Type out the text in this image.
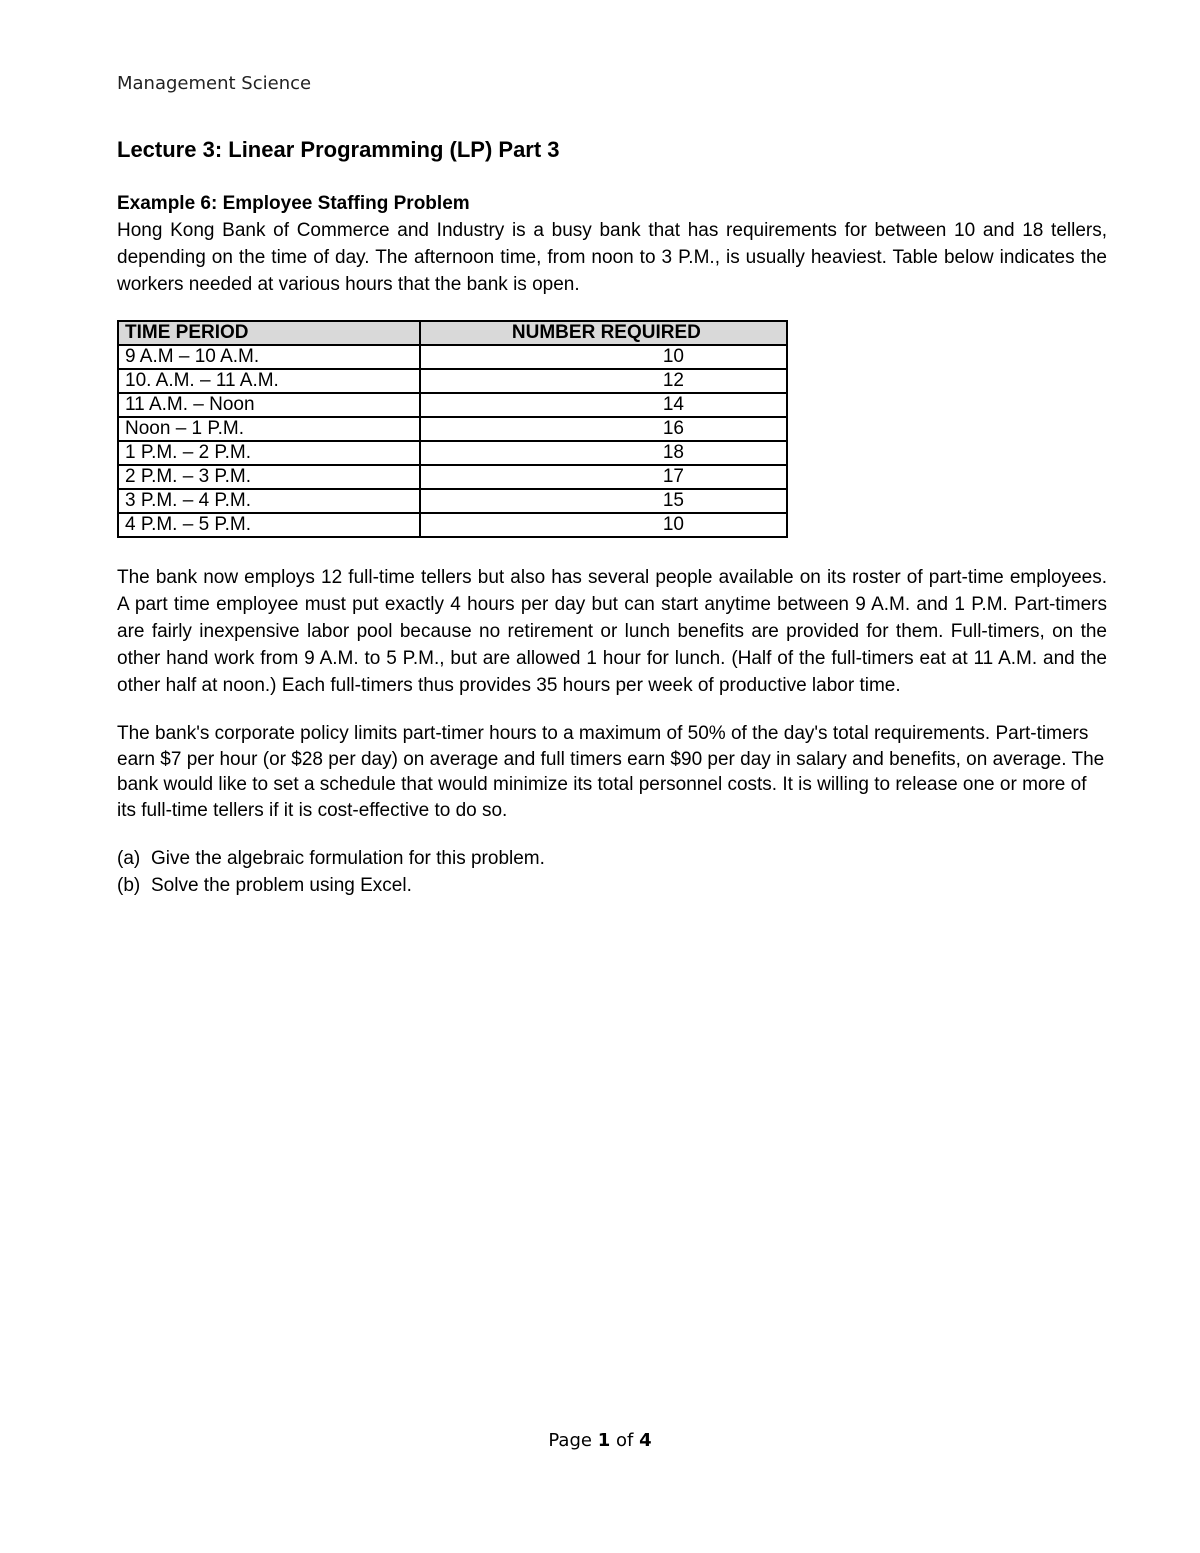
Management Science
Lecture 3: Linear Programming (LP) Part 3
Example 6: Employee Staffing Problem

Hong Kong Bank of Commerce and Industry is a busy bank that has requirements for between 10 and 18 tellers, depending on the time of day. The afternoon time, from noon to 3 P.M., is usually heaviest. Table below indicates the workers needed at various hours that the bank is open.

TIME PERIOD	NUMBER REQUIRED
9 A.M – 10 A.M.	10
10. A.M. – 11 A.M.	12
11 A.M. – Noon	14
Noon – 1 P.M.	16
1 P.M. – 2 P.M.	18
2 P.M. – 3 P.M.	17
3 P.M. – 4 P.M.	15
4 P.M. – 5 P.M.	10

The bank now employs 12 full-time tellers but also has several people available on its roster of part-time employees. A part time employee must put exactly 4 hours per day but can start anytime between 9 A.M. and 1 P.M. Part-timers are fairly inexpensive labor pool because no retirement or lunch benefits are provided for them. Full-timers, on the other hand work from 9 A.M. to 5 P.M., but are allowed 1 hour for lunch. (Half of the full-timers eat at 11 A.M. and the other half at noon.) Each full-timers thus provides 35 hours per week of productive labor time.

The bank's corporate policy limits part-timer hours to a maximum of 50% of the day's total requirements. Part-timers earn $7 per hour (or $28 per day) on average and full timers earn $90 per day in salary and benefits, on average. The bank would like to set a schedule that would minimize its total personnel costs. It is willing to release one or more of its full-time tellers if it is cost-effective to do so.

(a) Give the algebraic formulation for this problem.
(b) Solve the problem using Excel.
Page 1 of 4
